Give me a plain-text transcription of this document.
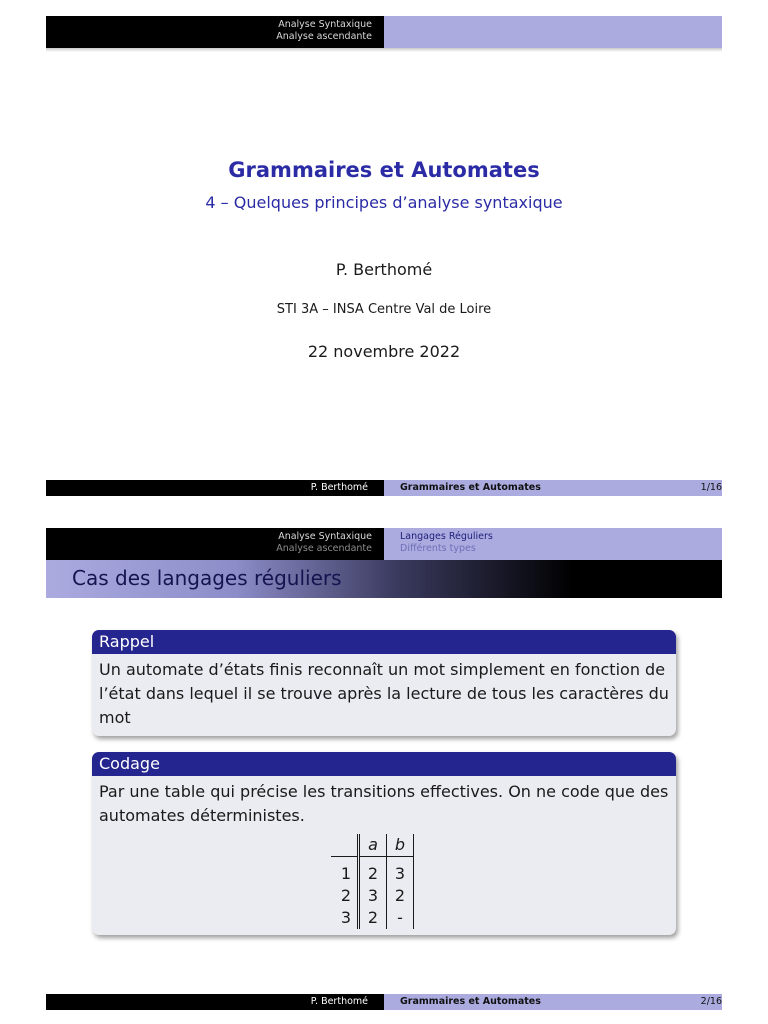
Analyse Syntaxique
Analyse ascendante
Grammaires et Automates
4 – Quelques principes d’analyse syntaxique
P. Berthomé
STI 3A – INSA Centre Val de Loire
22 novembre 2022
P. Berthomé	Grammaires et Automates	1/16
Analyse Syntaxique
Analyse ascendante
Langages Réguliers
Différents types
Cas des langages réguliers
Rappel
Un automate d’états finis reconnaît un mot simplement en fonction de l’état dans lequel il se trouve après la lecture de tous les caractères du mot
Codage
Par une table qui précise les transitions effectives. On ne code que des automates déterministes.
	a	b

1	2	3
2	3	2
3	2	-
P. Berthomé	Grammaires et Automates	2/16
